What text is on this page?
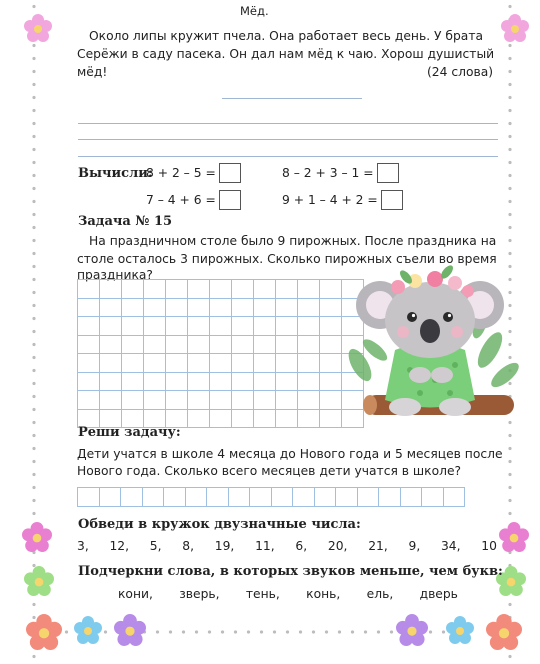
Мёд.
Около липы кружит пчела. Она работает весь день. У брата
Серёжи в саду пасека. Он дал нам мёд к чаю. Хорош душистый
мёд!	(24 слова)
Вычисли:
8 + 2 – 5 =	8 – 2 + 3 – 1 =
7 – 4 + 6 =	9 + 1 – 4 + 2 =
Задача № 15
На праздничном столе было 9 пирожных. После праздника на
столе осталось 3 пирожных. Сколько пирожных съели во время
праздника?

Реши задачу:
Дети учатся в школе 4 месяца до Нового года и 5 месяцев после
Нового года. Сколько всего месяцев дети учатся в школе?

Обведи в кружок двузначные числа:
3, 12, 5, 8, 19, 11, 6, 20, 21, 9, 34, 10
Подчеркни слова, в которых звуков меньше, чем букв:
кони, зверь, тень, конь, ель, дверь
